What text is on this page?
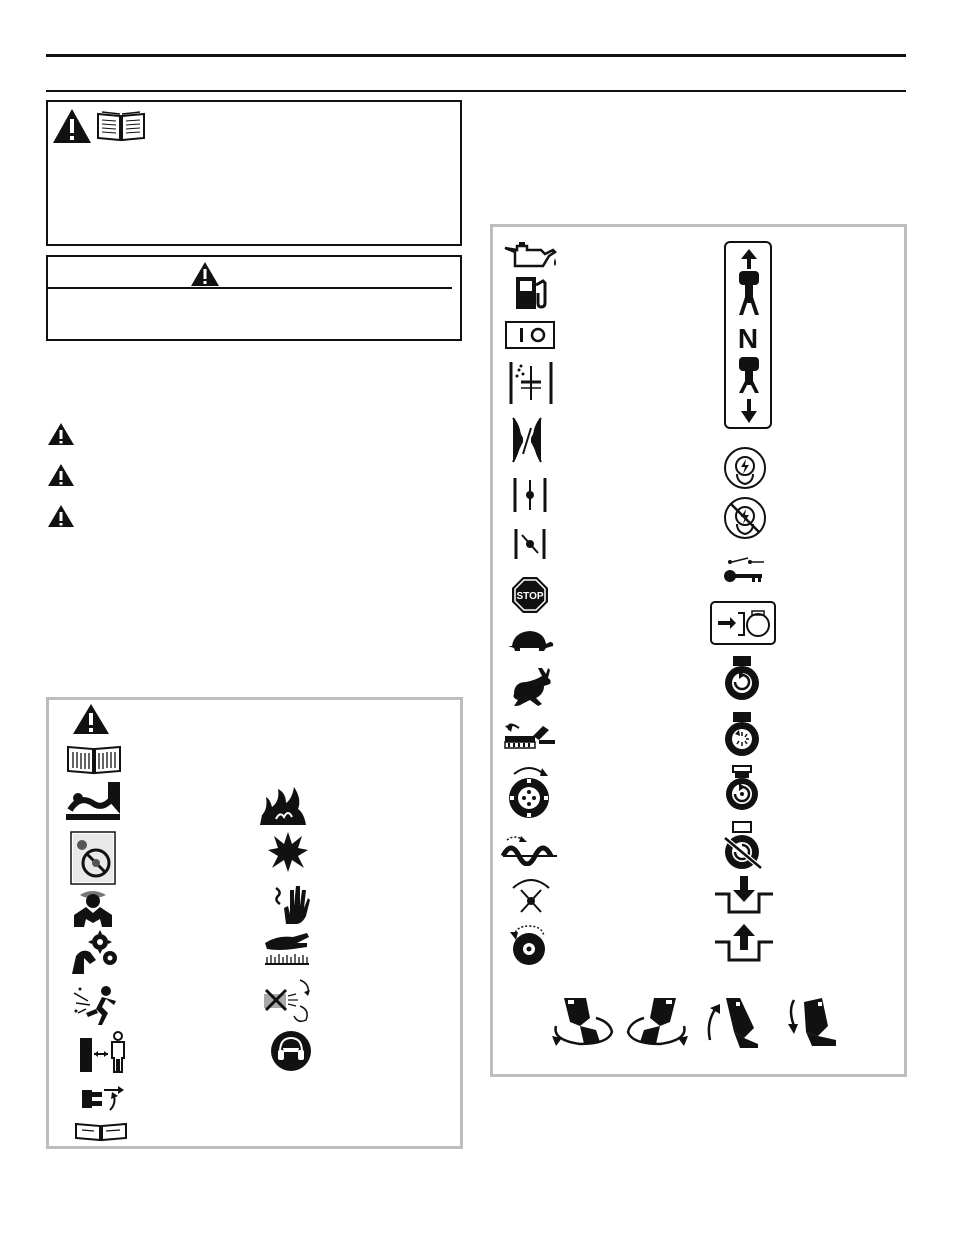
STOP
N
